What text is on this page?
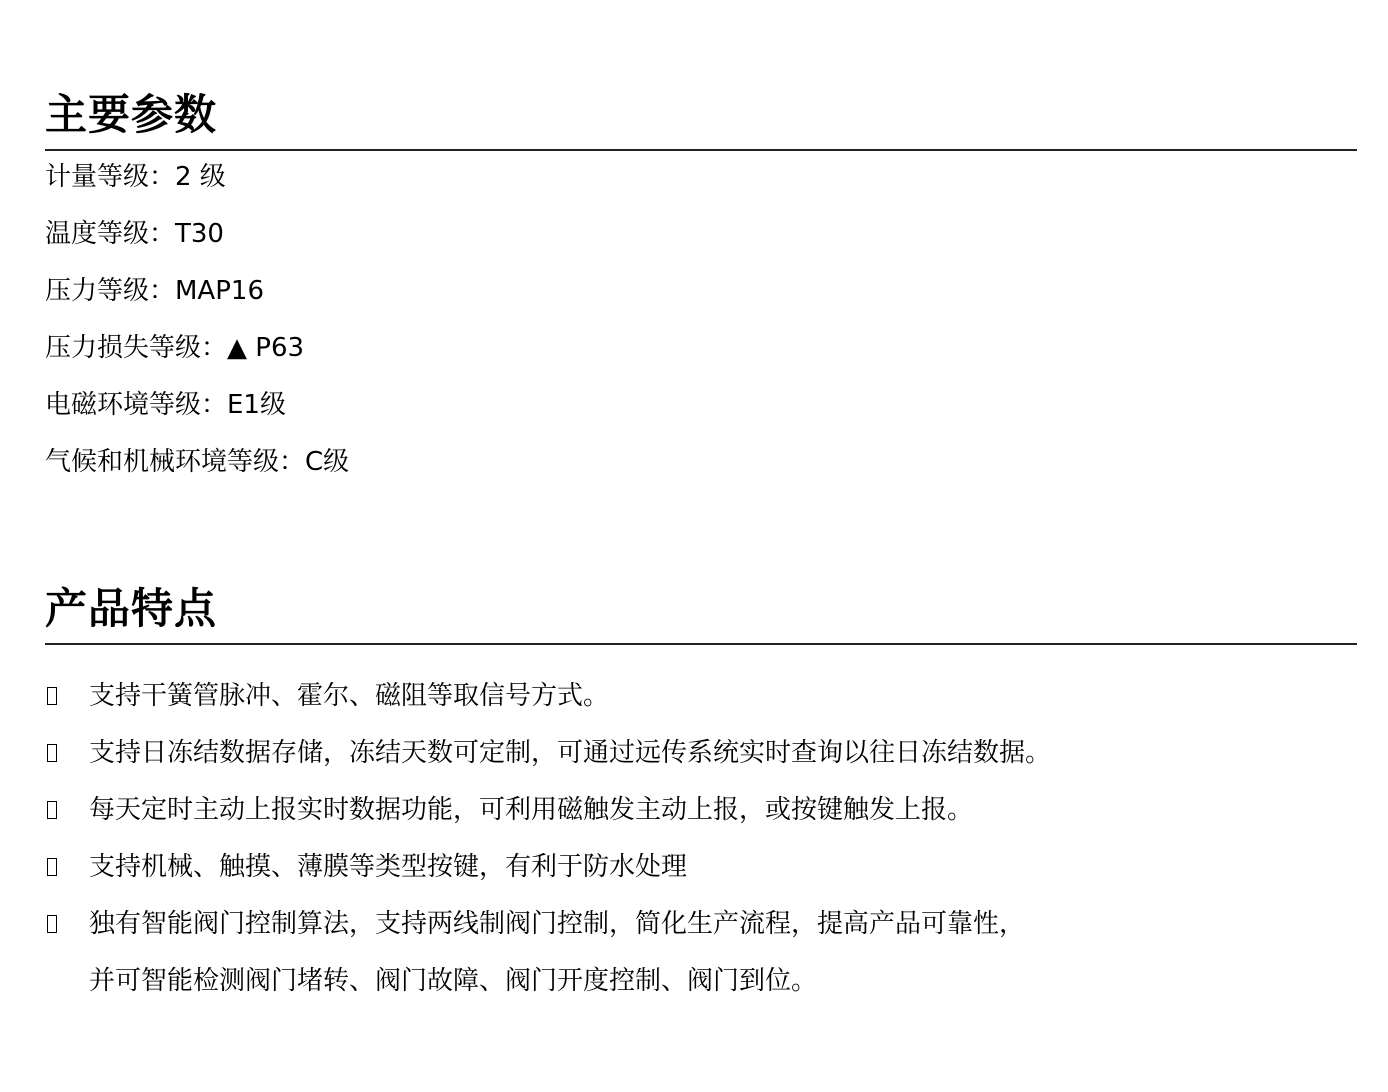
主要参数
计量等级：2 级
温度等级：T30
压力等级：MAP16
压力损失等级：▲ P63
电磁环境等级：E1级
气候和机械环境等级：C级
产品特点
支持干簧管脉冲、霍尔、磁阻等取信号方式。
支持日冻结数据存储，冻结天数可定制，可通过远传系统实时查询以往日冻结数据。
每天定时主动上报实时数据功能，可利用磁触发主动上报，或按键触发上报。
支持机械、触摸、薄膜等类型按键，有利于防水处理
独有智能阀门控制算法，支持两线制阀门控制，简化生产流程，提高产品可靠性，
并可智能检测阀门堵转、阀门故障、阀门开度控制、阀门到位。
